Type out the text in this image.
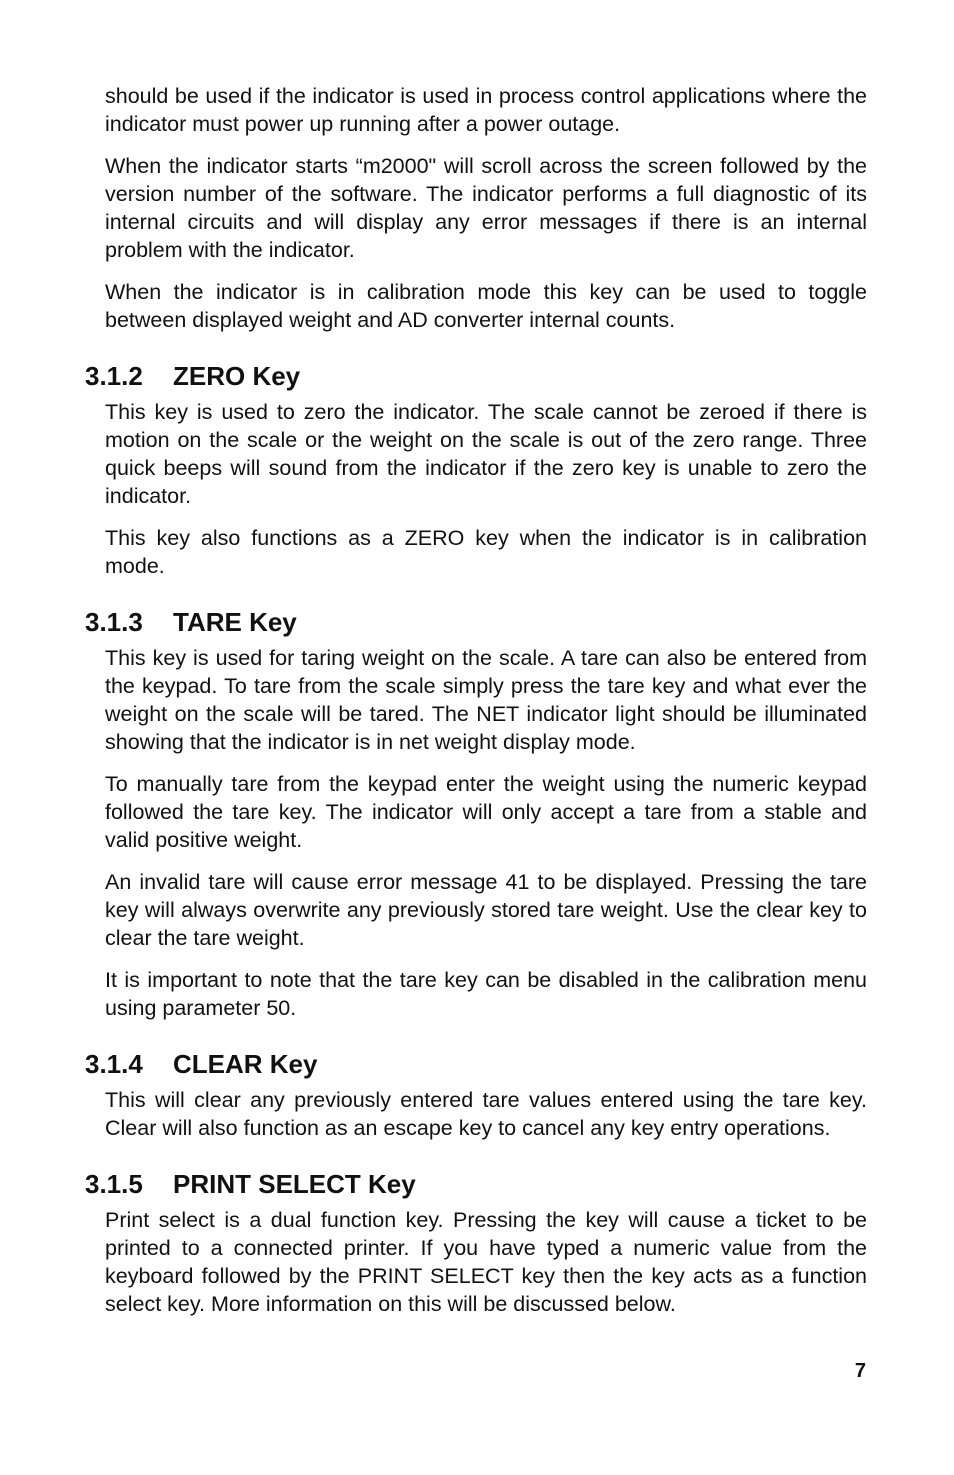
should be used if the indicator is used in process control applications where the indicator must power up running after a power outage.

When the indicator starts “m2000" will scroll across the screen followed by the version number of the software. The indicator performs a full diagnostic of its internal circuits and will display any error messages if there is an internal problem with the indicator.

When the indicator is in calibration mode this key can be used to toggle between displayed weight and AD converter internal counts.

3.1.2	ZERO Key

This key is used to zero the indicator. The scale cannot be zeroed if there is motion on the scale or the weight on the scale is out of the zero range. Three quick beeps will sound from the indicator if the zero key is unable to zero the indicator.

This key also functions as a ZERO key when the indicator is in calibration mode.

3.1.3	TARE Key

This key is used for taring weight on the scale. A tare can also be entered from the keypad. To tare from the scale simply press the tare key and what ever the weight on the scale will be tared. The NET indicator light should be illuminated showing that the indicator is in net weight display mode.

To manually tare from the keypad enter the weight using the numeric keypad followed the tare key. The indicator will only accept a tare from a stable and valid positive weight.

An invalid tare will cause error message 41 to be displayed. Pressing the tare key will always overwrite any previously stored tare weight. Use the clear key to clear the tare weight.

It is important to note that the tare key can be disabled in the calibration menu using parameter 50.

3.1.4	CLEAR Key

This will clear any previously entered tare values entered using the tare key. Clear will also function as an escape key to cancel any key entry operations.

3.1.5	PRINT SELECT Key

Print select is a dual function key. Pressing the key will cause a ticket to be printed to a connected printer. If you have typed a numeric value from the keyboard followed by the PRINT SELECT key then the key acts as a function select key. More information on this will be discussed below.

7
